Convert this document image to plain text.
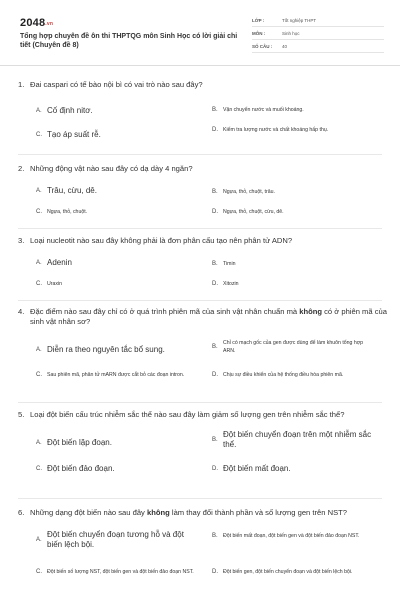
2048.vn
Tổng hợp chuyên đề ôn thi THPTQG môn Sinh Học có lời giải chi tiết (Chuyên đề 8)
LỚP :	Tốt nghiệp THPT
MÔN :	Sinh học
SỐ CÂU :	40
1. Đai caspari có tế bào nội bì có vai trò nào sau đây?
A. Cố định nitơ.	B.	Vận chuyển nước và muối khoáng.
C. Tạo áp suất rễ.	D. Kiểm tra lượng nước và chất khoáng hấp thụ.
2. Những động vật nào sau đây có dạ dày 4 ngăn?
A. Trâu, cừu, dê.	B.	Ngựa, thỏ, chuột, trâu.
C. Ngựa, thỏ, chuột.	D. Ngựa, thỏ, chuột, cừu, dê.
3. Loại nucleotit nào sau đây không phải là đơn phân cấu tạo nên phân tử ADN?
A. Adenin	B.	Timin
C. Uraxin	D. Xitozin
4. Đặc điểm nào sau đây chỉ có ở quá trình phiên mã của sinh vật nhân chuẩn mà không có ở phiên mã của sinh vật nhân sơ?
A. Diễn ra theo nguyên tắc bổ sung.	B.
Chỉ có mạch gốc của gen được dùng để làm khuôn tổng hợp ARN.
C. Sau phiên mã, phân tử mARN được cắt bỏ các đoạn intron.	D. Chịu sự điều khiển của hệ thống điều hòa phiên mã.
5. Loại đột biến cấu trúc nhiễm sắc thể nào sau đây làm giảm số lượng gen trên nhiễm sắc thể?
A. Đột biến lặp đoạn.	B.
Đột biến chuyển đoạn trên một nhiễm sắc thể.
C. Đột biến đảo đoạn.	D. Đột biến mất đoạn.
6. Những dạng đột biến nào sau đây không làm thay đổi thành phần và số lượng gen trên NST?
A.
Đột biến chuyển đoạn tương hỗ và đột biến lệch bội.
B.	Đột biến mất đoạn, đột biến gen và đột biến đảo đoạn NST.
C. Đột biến số lượng NST, đột biến gen và đột biến đảo đoạn NST.	D. Đột biến gen, đột biến chuyển đoạn và đột biến lệch bội.
